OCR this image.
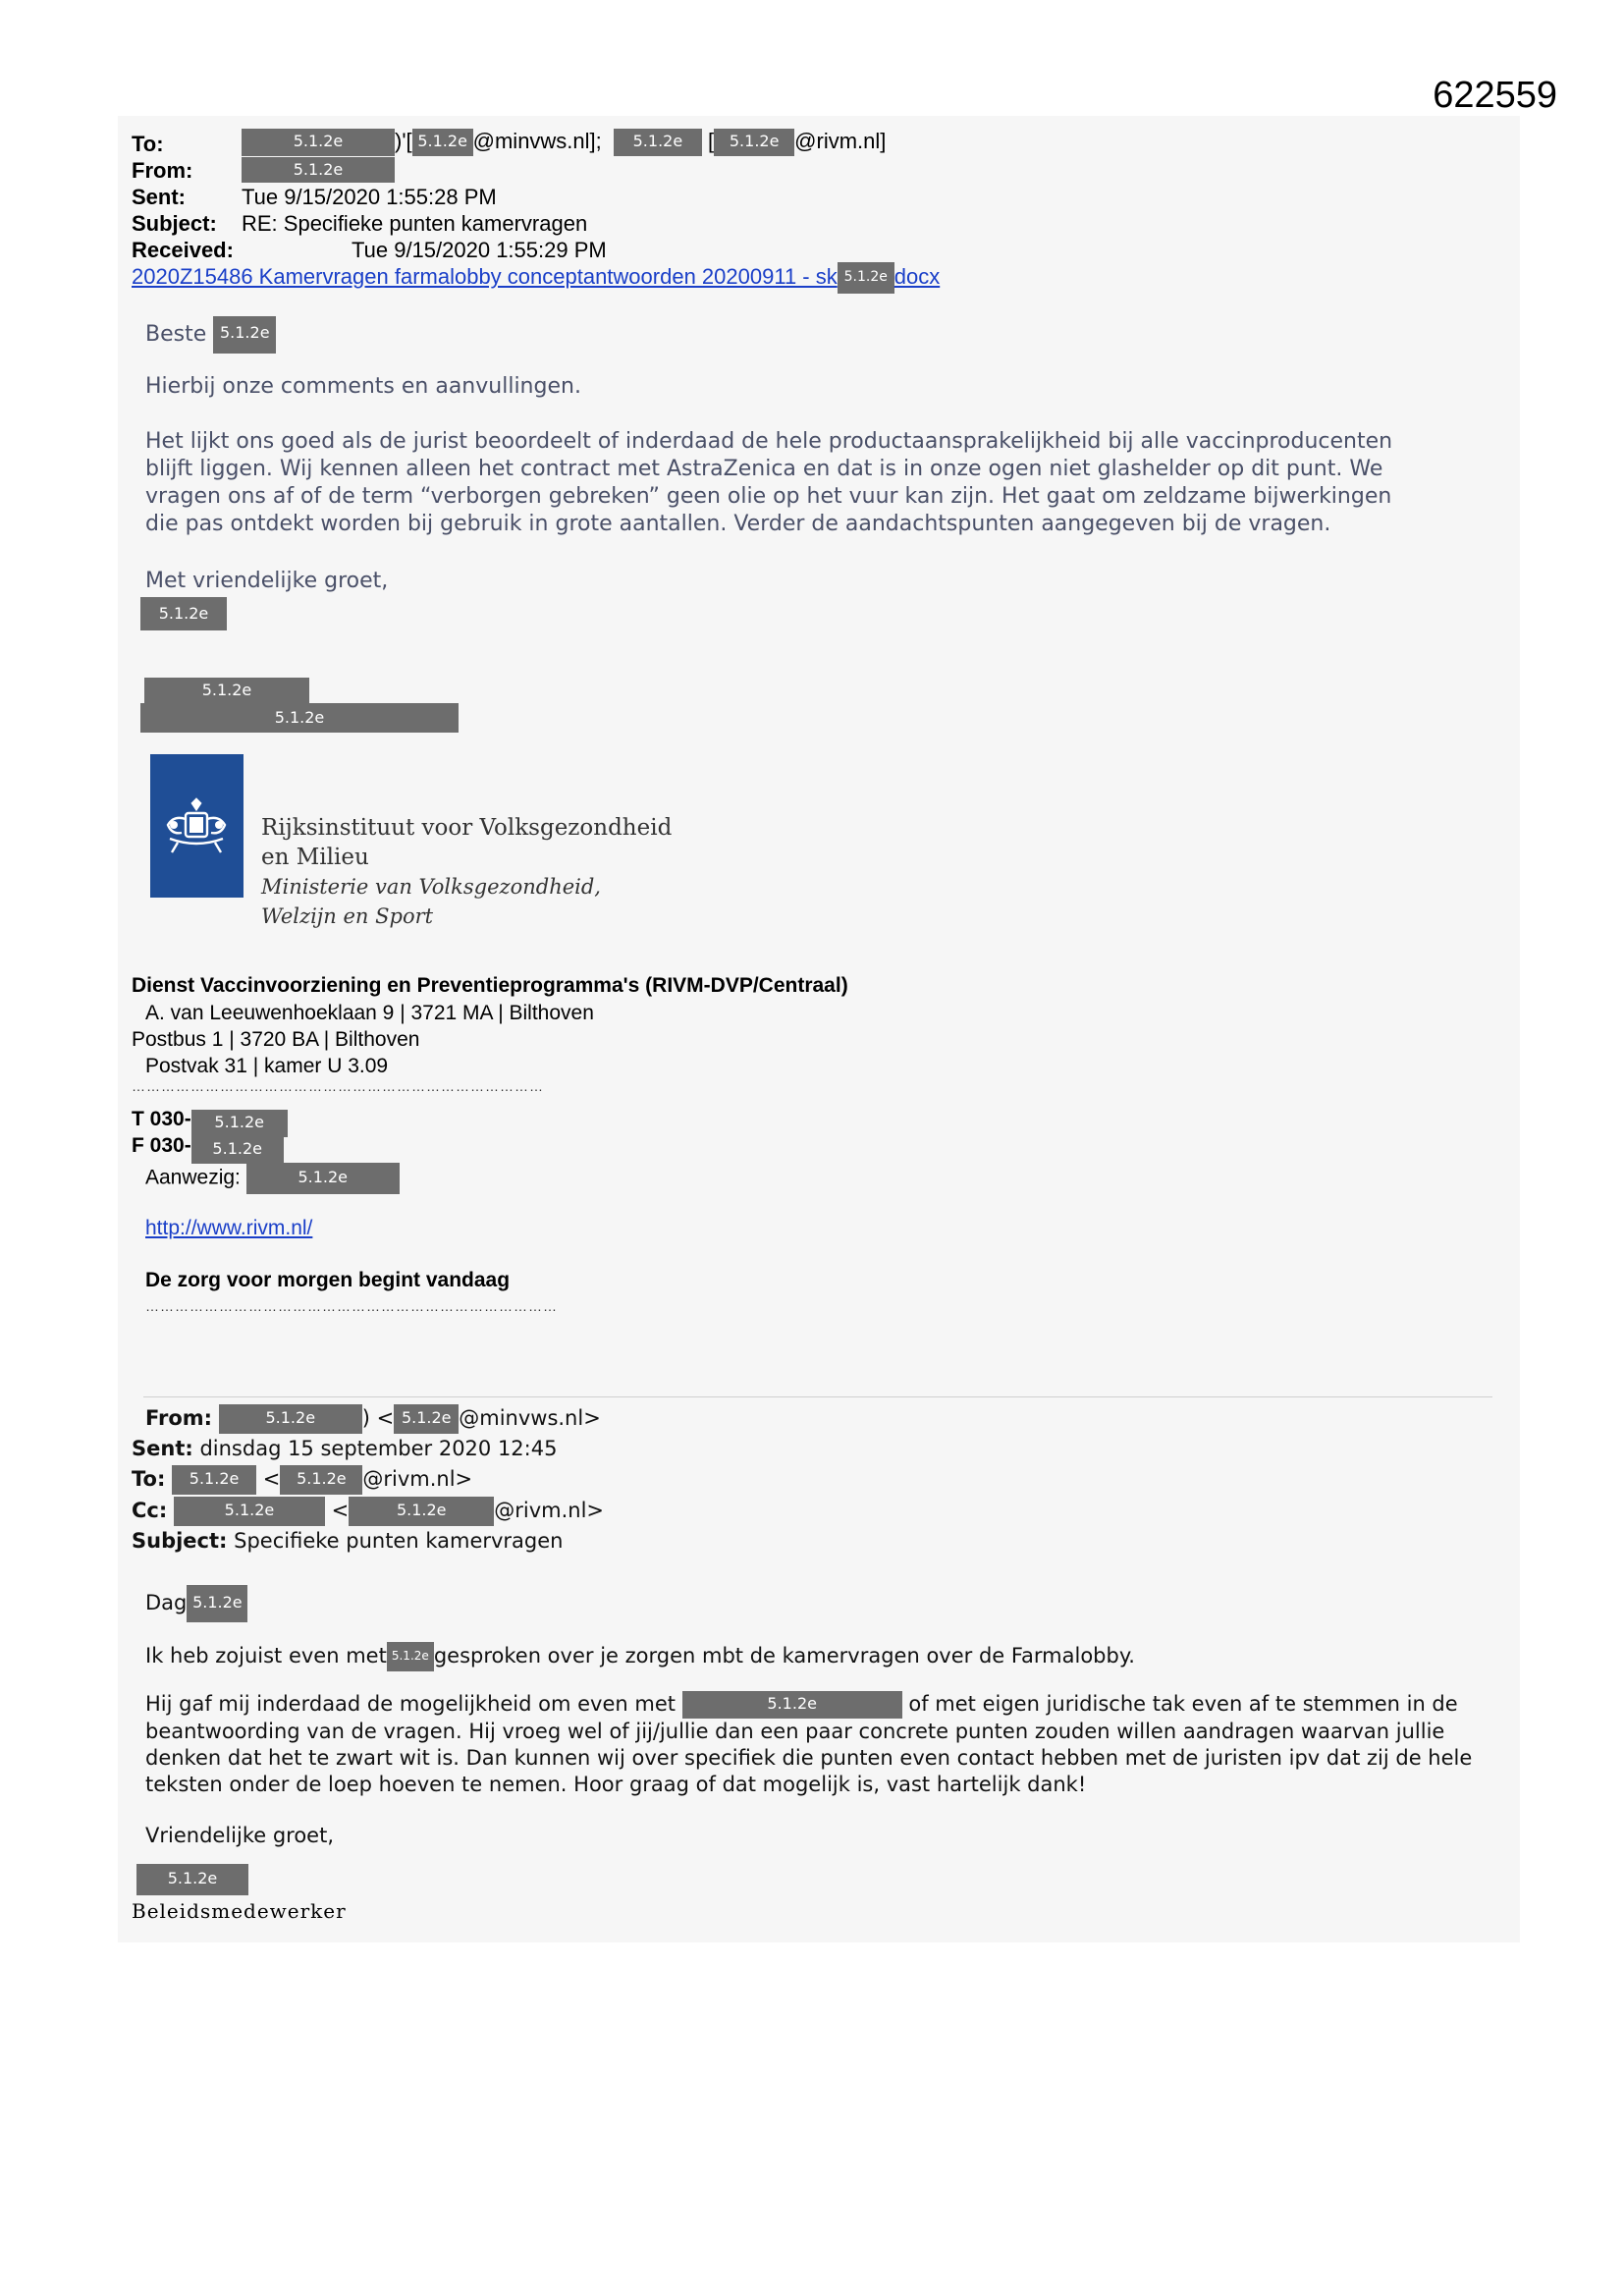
622559
To:	5.1.2e )'[ 5.1.2e @minvws.nl]; 5.1.2e [ 5.1.2e @rivm.nl]
From:	5.1.2e
Sent:	Tue 9/15/2020 1:55:28 PM
Subject: RE: Specifieke punten kamervragen
Received:	Tue 9/15/2020 1:55:29 PM
2020Z15486 Kamervragen farmalobby conceptantwoorden 20200911 - sk 5.1.2e docx
Beste 5.1.2e
Hierbij onze comments en aanvullingen.
Het lijkt ons goed als de jurist beoordeelt of inderdaad de hele productaansprakelijkheid bij alle vaccinproducenten
blijft liggen. Wij kennen alleen het contract met AstraZenica en dat is in onze ogen niet glashelder op dit punt. We
vragen ons af of de term “verborgen gebreken” geen olie op het vuur kan zijn. Het gaat om zeldzame bijwerkingen
die pas ontdekt worden bij gebruik in grote aantallen. Verder de aandachtspunten aangegeven bij de vragen.
Met vriendelijke groet,
5.1.2e
5.1.2e
5.1.2e
Rijksinstituut voor Volksgezondheid
en Milieu
Ministerie van Volksgezondheid,
Welzijn en Sport
Dienst Vaccinvoorziening en Preventieprogramma's (RIVM-DVP/Centraal)
A. van Leeuwenhoeklaan 9 | 3721 MA | Bilthoven
Postbus 1 | 3720 BA | Bilthoven
Postvak 31 | kamer U 3.09
…………………………………………………………………………
T 030- 5.1.2e
F 030- 5.1.2e
Aanwezig:	5.1.2e
http://www.rivm.nl/
De zorg voor morgen begint vandaag
…………………………………………………………………………
From:	5.1.2e ) < 5.1.2e @minvws.nl>
Sent: dinsdag 15 september 2020 12:45
To: 5.1.2e < 5.1.2e @rivm.nl>
Cc:	5.1.2e	<	5.1.2e @rivm.nl>
Subject: Specifieke punten kamervragen
Dag 5.1.2e
Ik heb zojuist even met 5.1.2e gesproken over je zorgen mbt de kamervragen over de Farmalobby.
Hij gaf mij inderdaad de mogelijkheid om even met	5.1.2e	of met eigen juridische tak even af te stemmen in de
beantwoording van de vragen. Hij vroeg wel of jij/jullie dan een paar concrete punten zouden willen aandragen waarvan jullie
denken dat het te zwart wit is. Dan kunnen wij over specifiek die punten even contact hebben met de juristen ipv dat zij de hele
teksten onder de loep hoeven te nemen. Hoor graag of dat mogelijk is, vast hartelijk dank!
Vriendelijke groet,
5.1.2e
Beleidsmedewerker
